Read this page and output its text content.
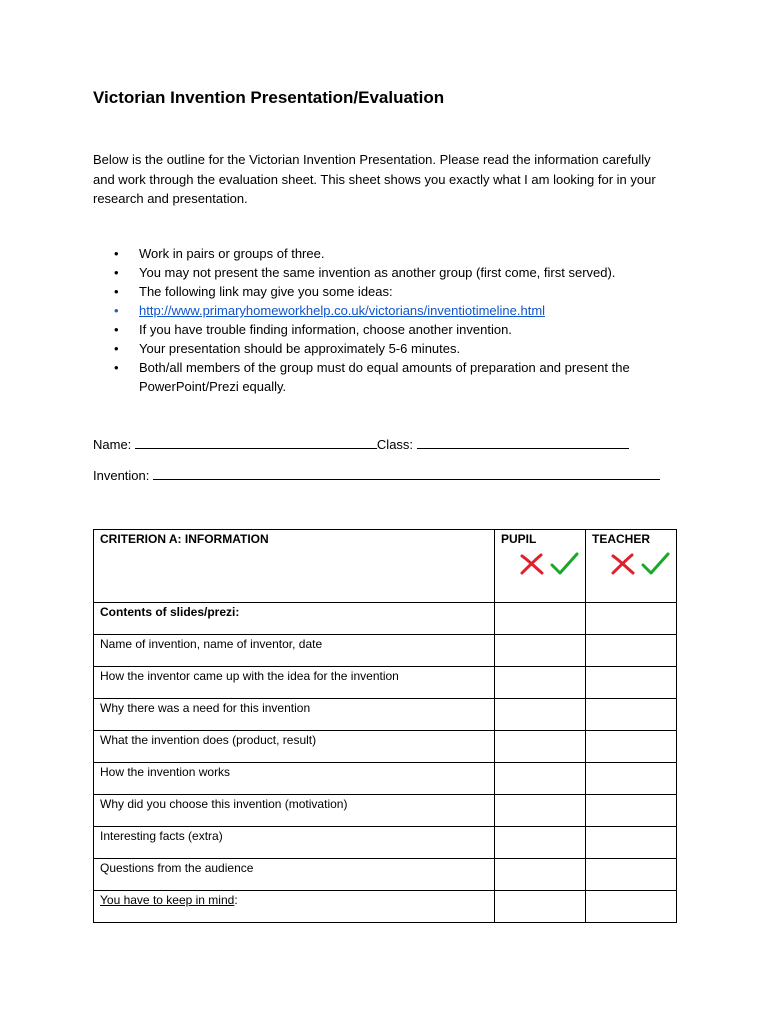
Victorian Invention Presentation/Evaluation
Below is the outline for the Victorian Invention Presentation. Please read the information carefully and work through the evaluation sheet. This sheet shows you exactly what I am looking for in your research and presentation.
• Work in pairs or groups of three.
• You may not present the same invention as another group (first come, first served).
• The following link may give you some ideas:
• http://www.primaryhomeworkhelp.co.uk/victorians/inventiotimeline.html
• If you have trouble finding information, choose another invention.
• Your presentation should be approximately 5-6 minutes.
• Both/all members of the group must do equal amounts of preparation and present the PowerPoint/Prezi equally.
Name:	Class:
Invention:
CRITERION A: INFORMATION	PUPIL	TEACHER

Contents of slides/prezi:		
Name of invention, name of inventor, date		
How the inventor came up with the idea for the invention		
Why there was a need for this invention		
What the invention does (product, result)		
How the invention works		
Why did you choose this invention (motivation)		
Interesting facts (extra)		
Questions from the audience		
You have to keep in mind:		
